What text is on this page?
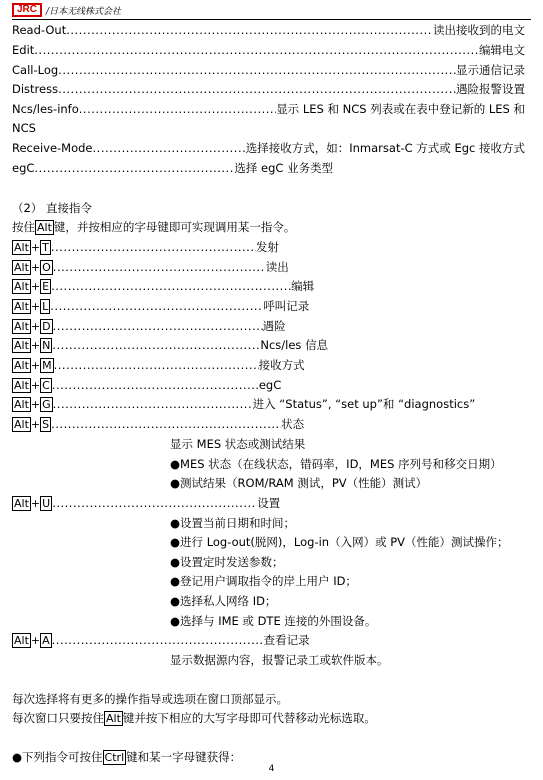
JRC	/日本无线株式会社
Read-Out .....	读出接收到的电文
Edit .....	编辑电文
Call-Log .....	显示通信记录
Distress .....	遇险报警设置
Ncs/les-info .....	显示 LES 和 NCS 列表或在表中登记新的 LES 和
NCS
Receive-Mode .....	选择接收方式，如：Inmarsat-C 方式或 Egc 接收方式
egC .....	选择 egC 业务类型
（2） 直接指令
按住 Alt 键，并按相应的字母键即可实现调用某一指令。
Alt + T .....	发射
Alt + O .....	读出
Alt + E .....	编辑
Alt + L .....	呼叫记录
Alt + D .....	遇险
Alt + N .....	Ncs/les 信息
Alt + M .....	接收方式
Alt + C .....	egC
Alt + G .....	进入 “Status”, “set up”和 “diagnostics”
Alt + S .....	状态
显示 MES 状态或测试结果
●MES 状态（在线状态，错码率，ID，MES 序列号和移交日期）
●测试结果（ROM/RAM 测试，PV（性能）测试）
Alt + U .....	设置
●设置当前日期和时间；
●进行 Log-out(脱网)，Log-in（入网）或 PV（性能）测试操作；
●设置定时发送参数；
●登记用户调取指令的岸上用户 ID；
●选择私人网络 ID；
●选择与 IME 或 DTE 连接的外围设备。
Alt + A .....	查看记录
显示数据源内容，报警记录工或软件版本。
每次选择将有更多的操作指导或选项在窗口顶部显示。
每次窗口只要按住 Alt 键并按下相应的大写字母即可代替移动光标选取。
●下列指令可按住 Ctrl 键和某一字母键获得：
4
